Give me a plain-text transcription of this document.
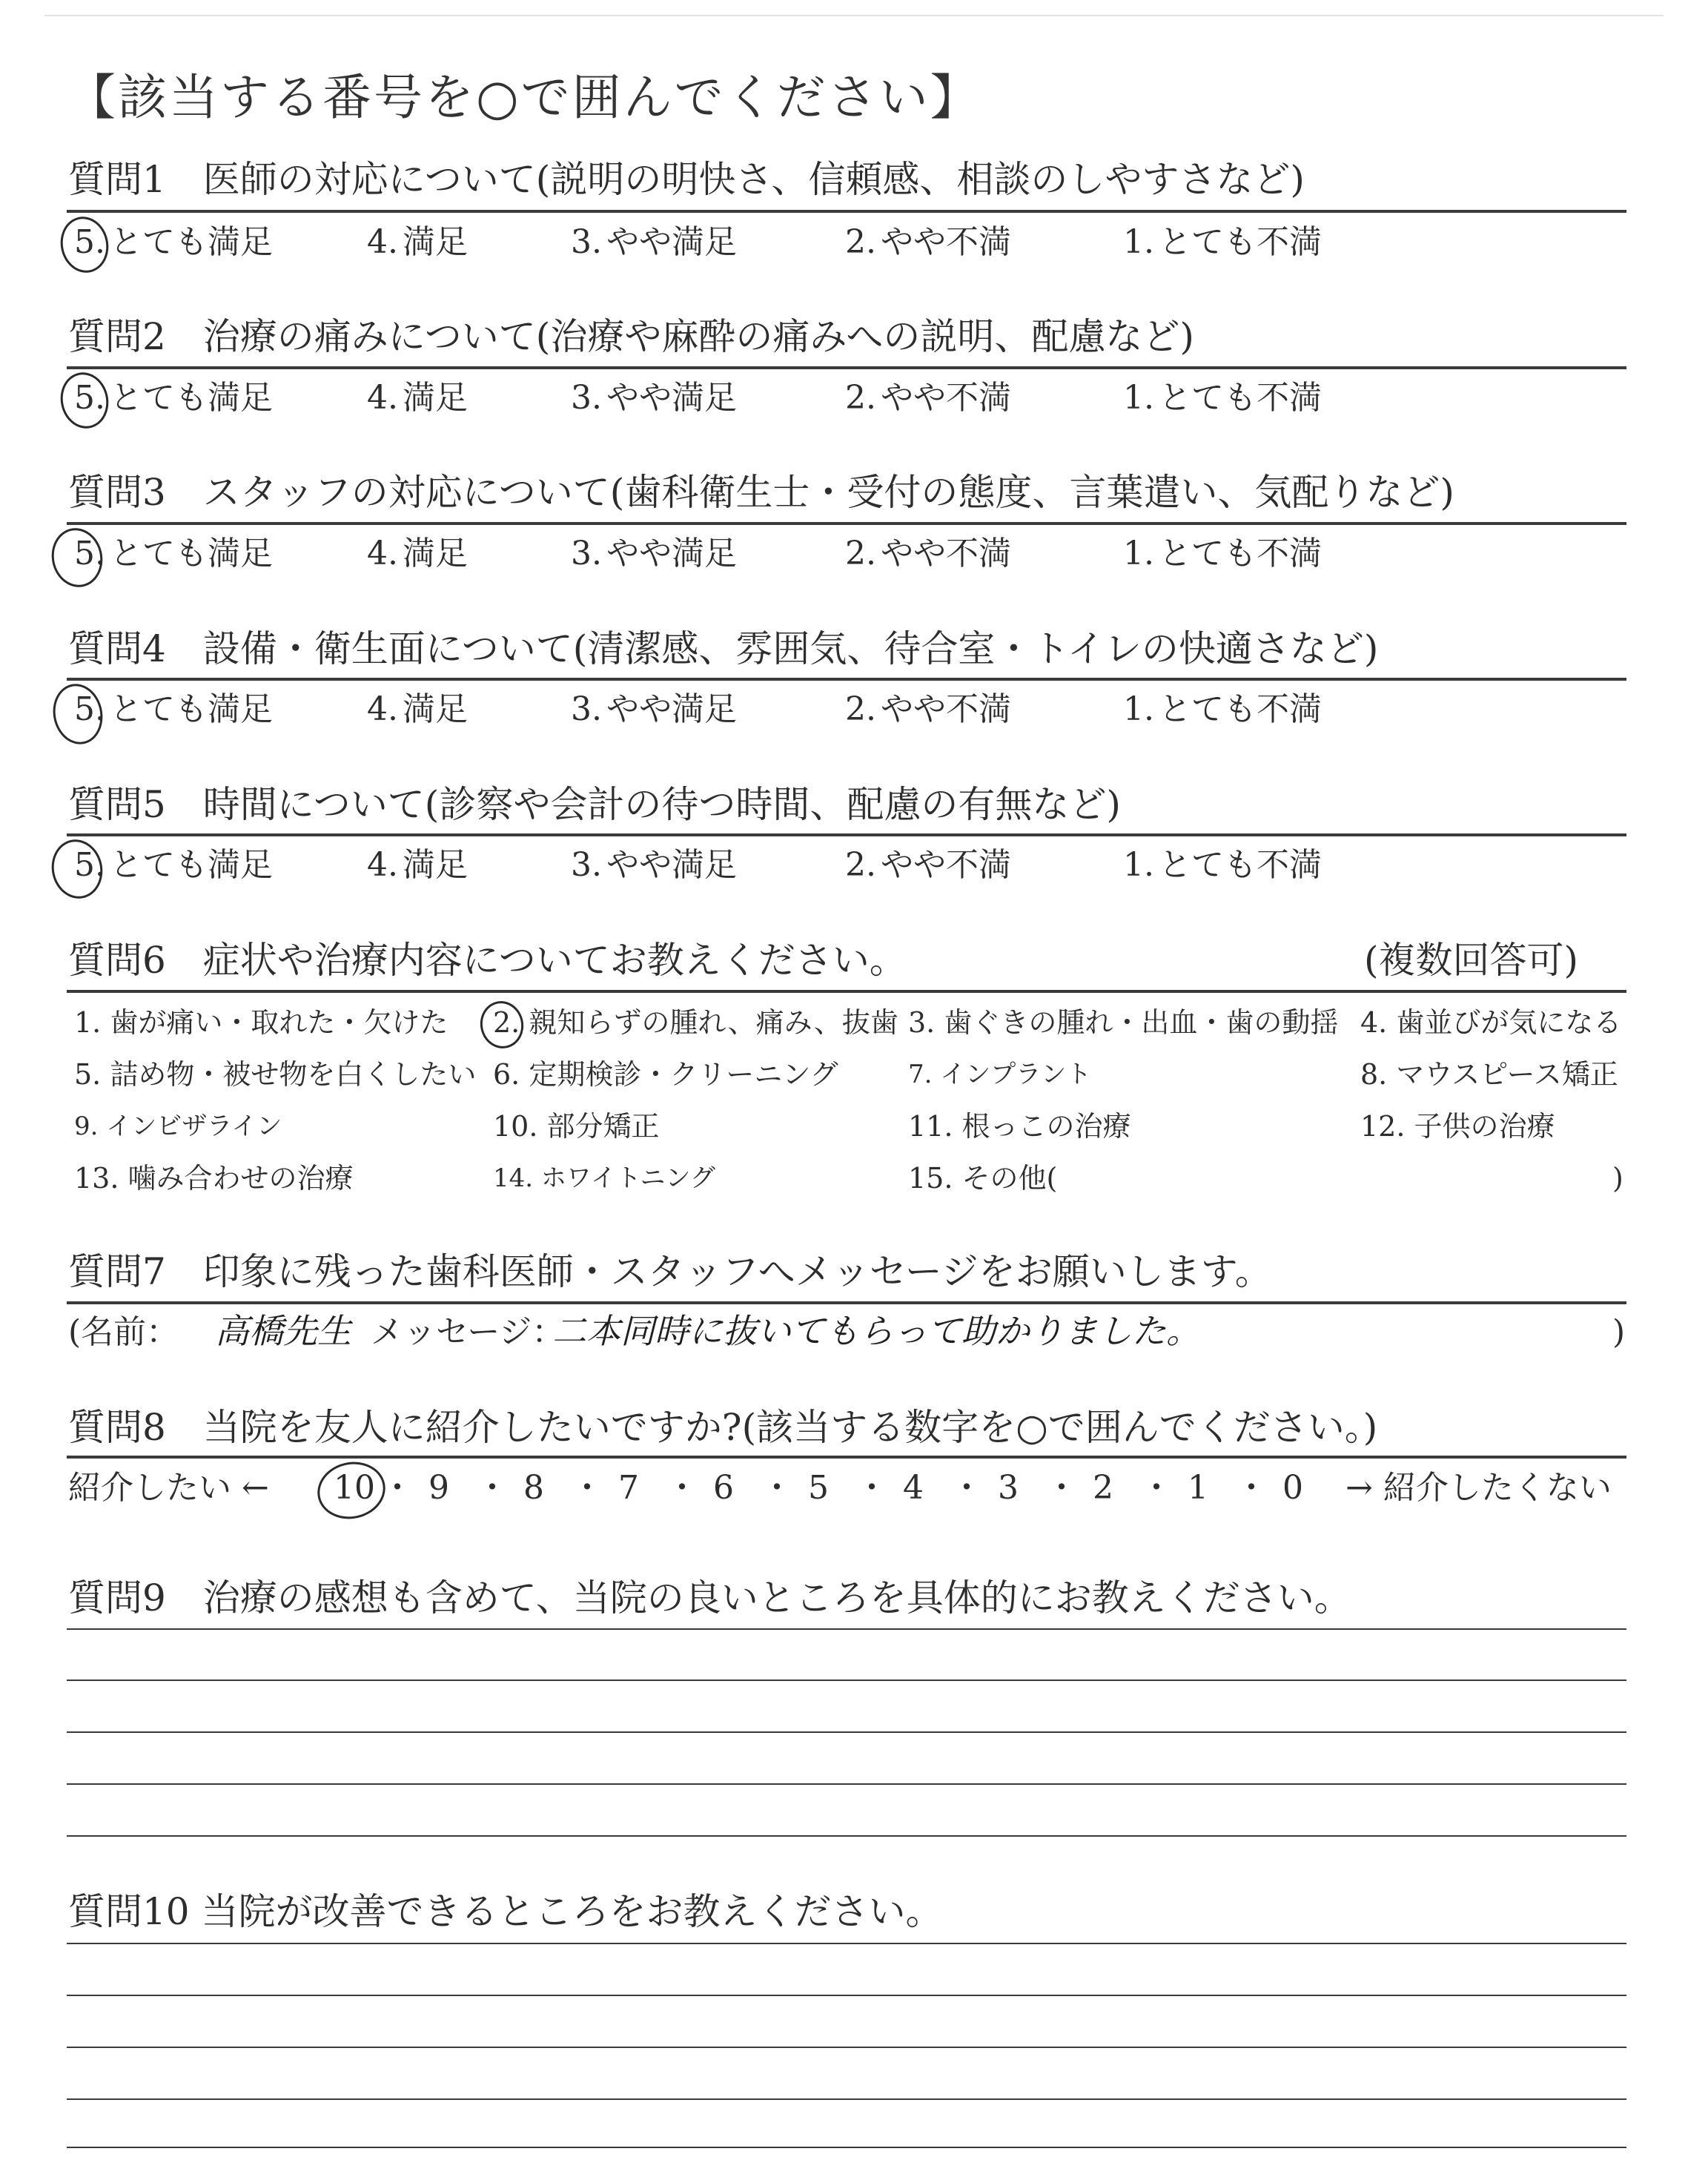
【該当する番号を○で囲んでください】
質問1　医師の対応について(説明の明快さ、信頼感、相談のしやすさなど)
5. とても満足	4. 満足	3. やや満足	2. やや不満	1. とても不満
質問2　治療の痛みについて(治療や麻酔の痛みへの説明、配慮など)
5. とても満足	4. 満足	3. やや満足	2. やや不満	1. とても不満
質問3　スタッフの対応について(歯科衛生士・受付の態度、言葉遣い、気配りなど)
5. とても満足	4. 満足	3. やや満足	2. やや不満	1. とても不満
質問4　設備・衛生面について(清潔感、雰囲気、待合室・トイレの快適さなど)
5. とても満足	4. 満足	3. やや満足	2. やや不満	1. とても不満
質問5　時間について(診察や会計の待つ時間、配慮の有無など)
5. とても満足	4. 満足	3. やや満足	2. やや不満	1. とても不満
質問6　症状や治療内容についてお教えください。	(複数回答可)
1. 歯が痛い・取れた・欠けた 2. 親知らずの腫れ、痛み、抜歯 3. 歯ぐきの腫れ・出血・歯の動揺 4. 歯並びが気になる
5. 詰め物・被せ物を白くしたい 6. 定期検診・クリーニング	7. インプラント	8. マウスピース矯正
9. インビザライン	10. 部分矯正	11. 根っこの治療	12. 子供の治療
13. 噛み合わせの治療	14. ホワイトニング	15. その他(	)
質問7　印象に残った歯科医師・スタッフへメッセージをお願いします。
(名前： 高橋先生 メッセージ：
二本同時に抜いてもらって助かりました。	)
質問8　当院を友人に紹介したいですか?(該当する数字を○で囲んでください。)
紹介したい ←	→ 紹介したくない
10 ・ 9 ・ 8 ・ 7 ・ 6 ・ 5 ・ 4 ・ 3 ・ 2 ・ 1 ・ 0
質問9　治療の感想も含めて、当院の良いところを具体的にお教えください。
質問10 当院が改善できるところをお教えください。
